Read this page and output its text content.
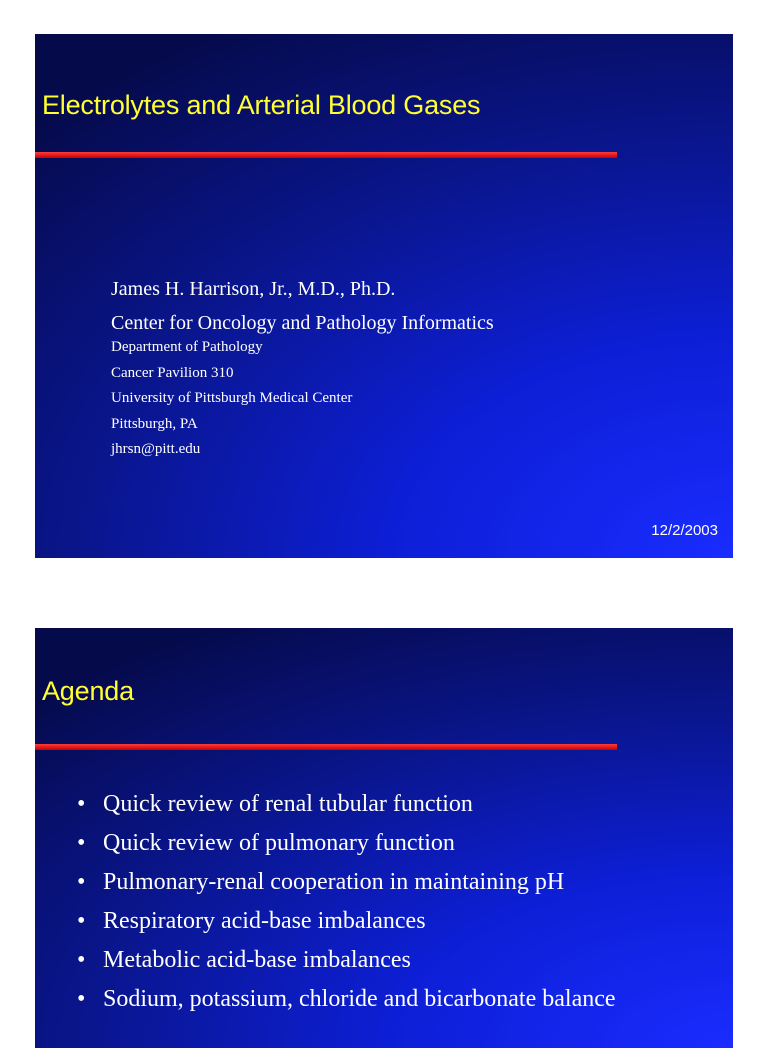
Electrolytes and Arterial Blood Gases
James H. Harrison, Jr., M.D., Ph.D.
Center for Oncology and Pathology Informatics
Department of Pathology
Cancer Pavilion 310
University of Pittsburgh Medical Center
Pittsburgh, PA
jhrsn@pitt.edu
12/2/2003
Agenda
• Quick review of renal tubular function
• Quick review of pulmonary function
• Pulmonary-renal cooperation in maintaining pH
• Respiratory acid-base imbalances
• Metabolic acid-base imbalances
• Sodium, potassium, chloride and bicarbonate balance
